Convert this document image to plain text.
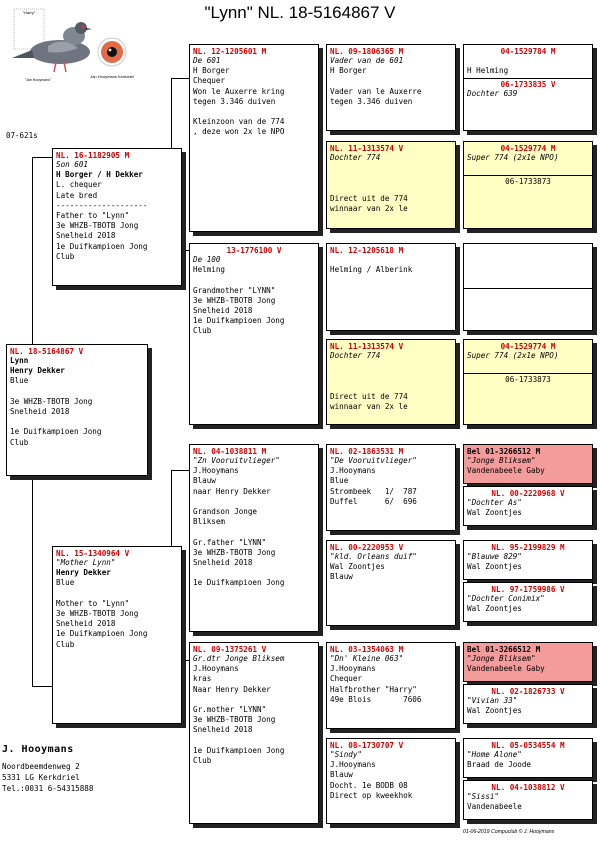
"Lynn" NL. 18-5164867 V
"Harry"
Jan Hooymans Kerkdriel
"Jan Hooymans"
07-621s
NL. 18-5164867 V
Lynn
Henry Dekker
Blue

3e WHZB-TBOTB Jong
Snelheid 2018

1e Duifkampioen Jong
Club
NL. 16-1182905 M
Son 601
H Borger / H Dekker
L. chequer
Late bred
--------------------
Father to "Lynn"
3e WHZB-TBOTB Jong
Snelheid 2018
1e Duifkampioen Jong
Club
NL. 15-1340964 V
"Mother Lynn"
Henry Dekker
Blue

Mother to "Lynn"
3e WHZB-TBOTB Jong
Snelheid 2018
1e Duifkampioen Jong
Club
NL. 12-1205601 M
De 601
H Borger
Chequer
Won le Auxerre kring
tegen 3.346 duiven

Kleinzoon van de 774
, deze won 2x le NPO
13-1776100 V
De 100
Helming

Grandmother "LYNN"
3e WHZB-TBOTB Jong
Snelheid 2018
1e Duifkampioen Jong
Club
NL. 04-1038811 M
"Zn Vooruitvlieger"
J.Hooymans
Blauw
naar Henry Dekker

Grandson Jonge
Bliksem

Gr.father "LYNN"
3e WHZB-TBOTB Jong
Snelheid 2018

1e Duifkampioen Jong
NL. 09-1375261 V
Gr.dtr Jonge Bliksem
J.Hooymans
kras
Naar Henry Dekker

Gr.mother "LYNN"
3e WHZB-TBOTB Jong
Snelheid 2018

1e Duifkampioen Jong
Club
NL. 09-1806365 M
Vader van de 601
H Borger

Vader van le Auxerre
tegen 3.346 duiven
NL. 11-1313574 V
Dochter 774

Direct uit de 774
winnaar van 2x le
NL. 12-1205618 M

Helming / Alberink
NL. 11-1313574 V
Dochter 774

Direct uit de 774
winnaar van 2x le
NL. 02-1863531 M
"De Vooruitvlieger"
J.Hooymans
Blue
Strombeek   1/  787
Duffel      6/  696
NL. 00-2220953 V
"kld. Orleans duif"
Wal Zoontjes
Blauw
NL. 03-1354063 M
"Dn' Kleine 063"
J.Hooymans
Chequer
Halfbrother "Harry"
49e Blois       7606
NL. 08-1730707 V
"Sindy"
J.Hooymans
Blauw
Docht. 1e BODB 08
Direct op kweekhok
04-1529784 M

H Helming
06-1733835 V
Dochter 639
04-1529774 M
Super 774 (2x1e NPO)
06-1733873
04-1529774 M
Super 774 (2x1e NPO)
06-1733873
Bel 01-3266512 M
"Jonge Bliksem"
Vandenabeele Gaby
NL. 00-2220968 V
"Dochter As"
Wal Zoontjes
NL. 95-2199829 M
"Blauwe 829"
Wal Zoontjes
NL. 97-1759986 V
"Dochter Conimix"
Wal Zoontjes
Bel 01-3266512 M
"Jonge Bliksem"
Vandenabeele Gaby
NL. 02-1826733 V
"Vivian 33"
Wal Zoontjes
NL. 05-0534554 M
"Home Alone"
Braad de Joode
NL. 04-1038812 V
"Sissi"
Vandenabeele
J. Hooymans
Noordbeemdenweg 2
5331 LG Kerkdriel
Tel.:0031 6-54315888
01-06-2019 Compuclub © J. Hooymans
